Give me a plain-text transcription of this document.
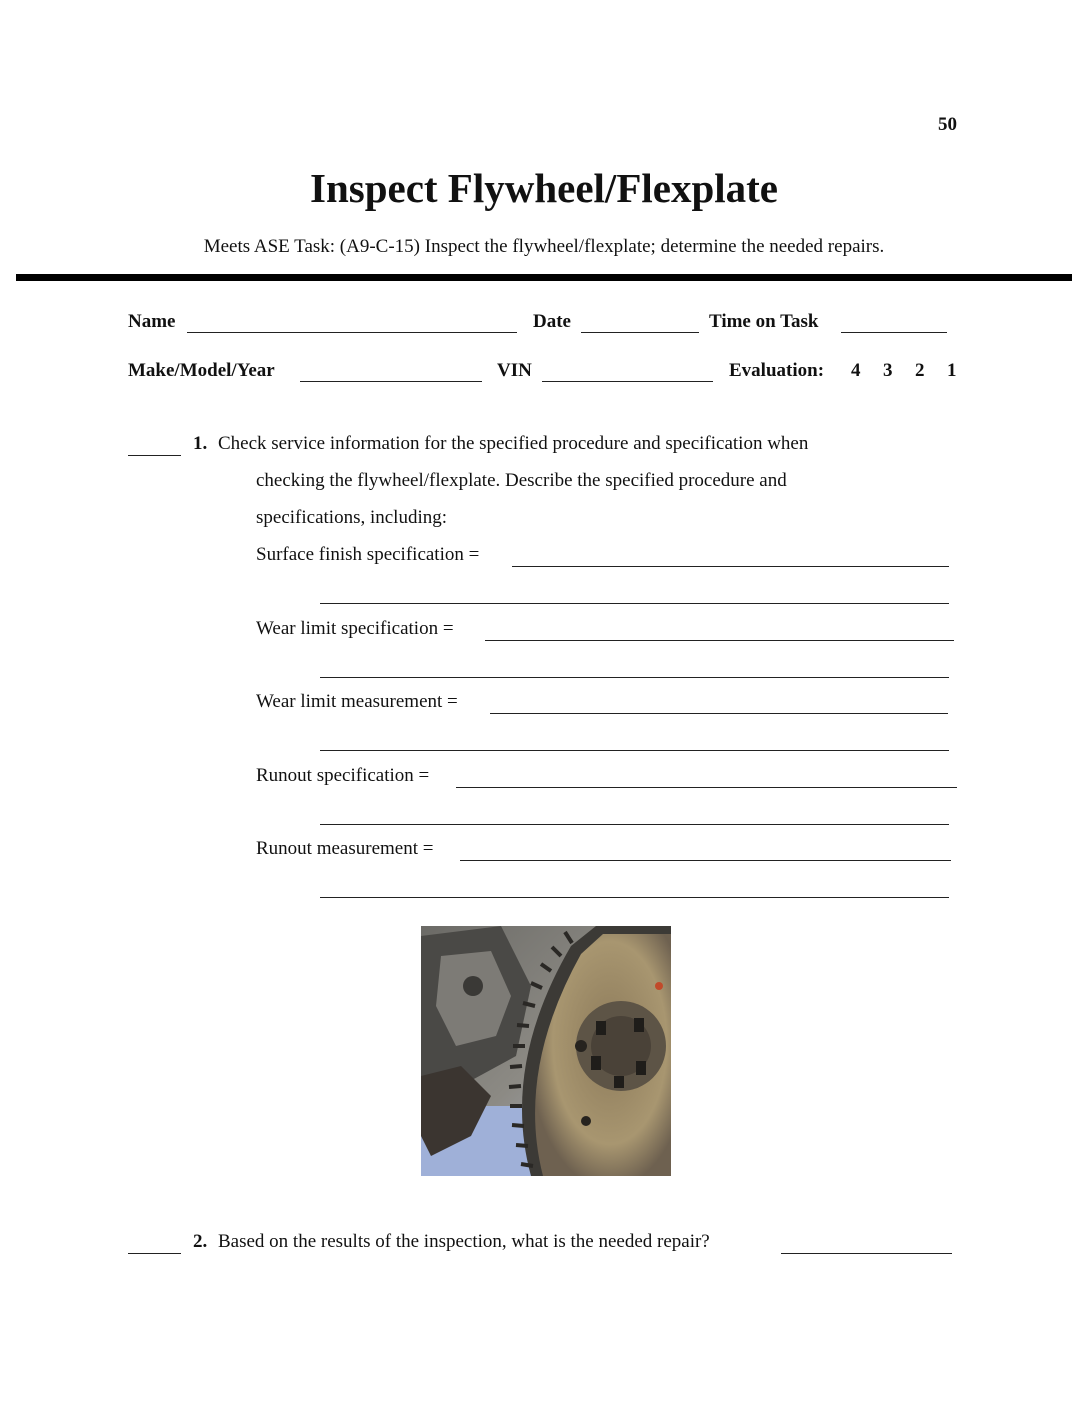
50
Inspect Flywheel/Flexplate
Meets ASE Task: (A9-C-15) Inspect the flywheel/flexplate; determine the needed repairs.
Name	Date	Time on Task
Make/Model/Year	VIN	Evaluation: 4 3 2 1
1. Check service information for the specified procedure and specification when
checking the flywheel/flexplate. Describe the specified procedure and
specifications, including:
Surface finish specification =
Wear limit specification =
Wear limit measurement =
Runout specification =
Runout measurement =
2. Based on the results of the inspection, what is the needed repair?
